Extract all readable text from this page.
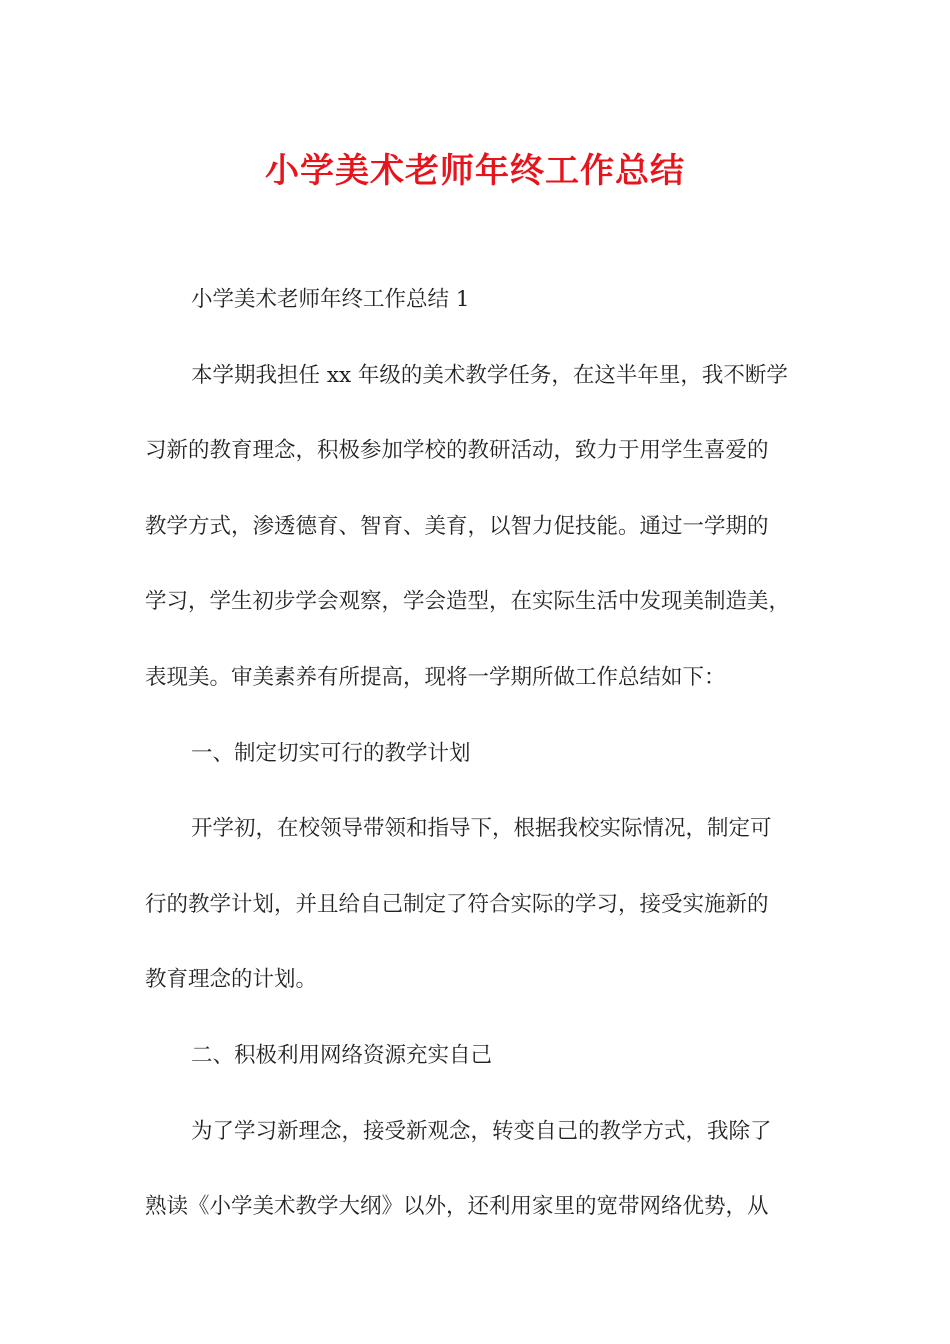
小学美术老师年终工作总结
小学美术老师年终工作总结 1
本学期我担任 xx 年级的美术教学任务，在这半年里，我不断学
习新的教育理念，积极参加学校的教研活动，致力于用学生喜爱的
教学方式，渗透德育、智育、美育，以智力促技能。通过一学期的
学习，学生初步学会观察，学会造型，在实际生活中发现美制造美，
表现美。审美素养有所提高，现将一学期所做工作总结如下：
一、制定切实可行的教学计划
开学初，在校领导带领和指导下，根据我校实际情况，制定可
行的教学计划，并且给自己制定了符合实际的学习，接受实施新的
教育理念的计划。
二、积极利用网络资源充实自己
为了学习新理念，接受新观念，转变自己的教学方式，我除了
熟读《小学美术教学大纲》以外，还利用家里的宽带网络优势，从
